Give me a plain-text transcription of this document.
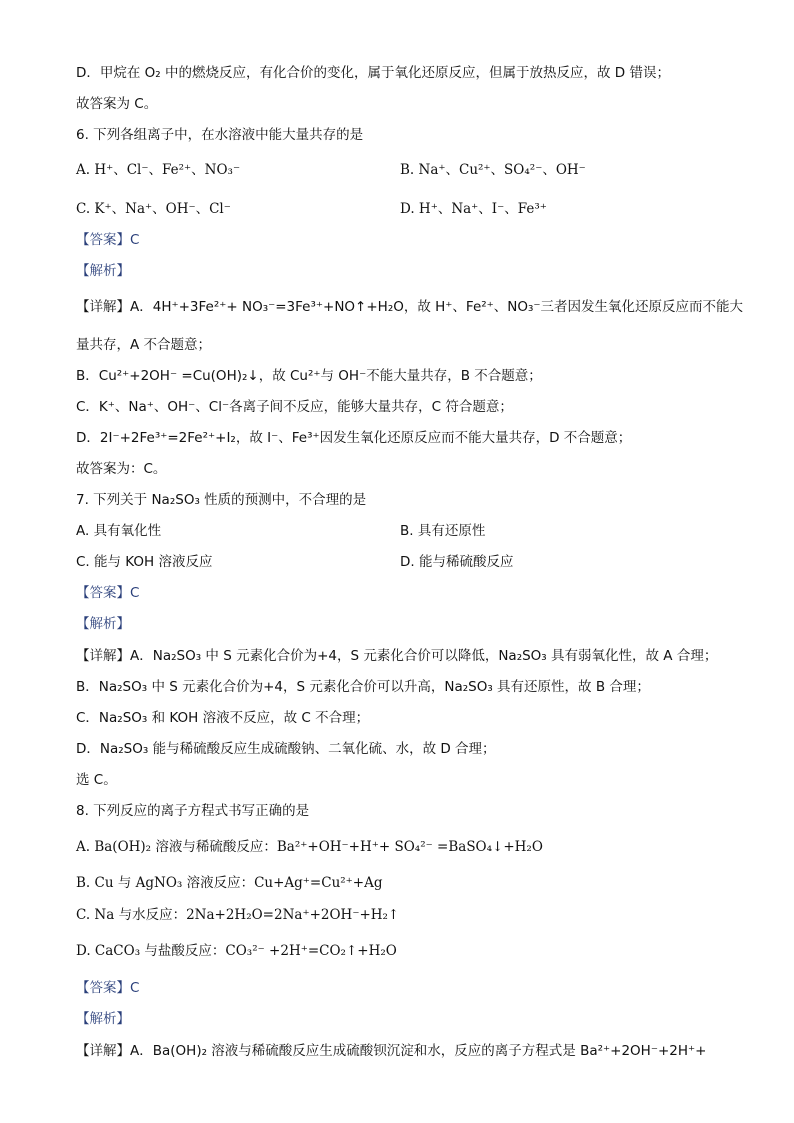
D．甲烷在 O₂ 中的燃烧反应，有化合价的变化，属于氧化还原反应，但属于放热反应，故 D 错误；
故答案为 C。
6. 下列各组离子中，在水溶液中能大量共存的是
A. H⁺、Cl⁻、Fe²⁺、NO₃⁻	B. Na⁺、Cu²⁺、SO₄²⁻、OH⁻
C. K⁺、Na⁺、OH⁻、Cl⁻	D. H⁺、Na⁺、I⁻、Fe³⁺
【答案】C
【解析】
【详解】A．4H⁺+3Fe²⁺+ NO₃⁻=3Fe³⁺+NO↑+H₂O，故 H⁺、Fe²⁺、NO₃⁻三者因发生氧化还原反应而不能大
量共存，A 不合题意；
B．Cu²⁺+2OH⁻ =Cu(OH)₂↓，故 Cu²⁺与 OH⁻不能大量共存，B 不合题意；
C．K⁺、Na⁺、OH⁻、Cl⁻各离子间不反应，能够大量共存，C 符合题意；
D．2I⁻+2Fe³⁺=2Fe²⁺+I₂，故 I⁻、Fe³⁺因发生氧化还原反应而不能大量共存，D 不合题意；
故答案为：C。
7. 下列关于 Na₂SO₃ 性质的预测中，不合理的是
A. 具有氧化性	B. 具有还原性
C. 能与 KOH 溶液反应	D. 能与稀硫酸反应
【答案】C
【解析】
【详解】A．Na₂SO₃ 中 S 元素化合价为+4，S 元素化合价可以降低，Na₂SO₃ 具有弱氧化性，故 A 合理；
B．Na₂SO₃ 中 S 元素化合价为+4，S 元素化合价可以升高，Na₂SO₃ 具有还原性，故 B 合理；
C．Na₂SO₃ 和 KOH 溶液不反应，故 C 不合理；
D．Na₂SO₃ 能与稀硫酸反应生成硫酸钠、二氧化硫、水，故 D 合理；
选 C。
8. 下列反应的离子方程式书写正确的是
A. Ba(OH)₂ 溶液与稀硫酸反应：Ba²⁺+OH⁻+H⁺+ SO₄²⁻ =BaSO₄↓+H₂O
B. Cu 与 AgNO₃ 溶液反应：Cu+Ag⁺=Cu²⁺+Ag
C. Na 与水反应：2Na+2H₂O=2Na⁺+2OH⁻+H₂↑
D. CaCO₃ 与盐酸反应：CO₃²⁻ +2H⁺=CO₂↑+H₂O
【答案】C
【解析】
【详解】A．Ba(OH)₂ 溶液与稀硫酸反应生成硫酸钡沉淀和水，反应的离子方程式是 Ba²⁺+2OH⁻+2H⁺+
